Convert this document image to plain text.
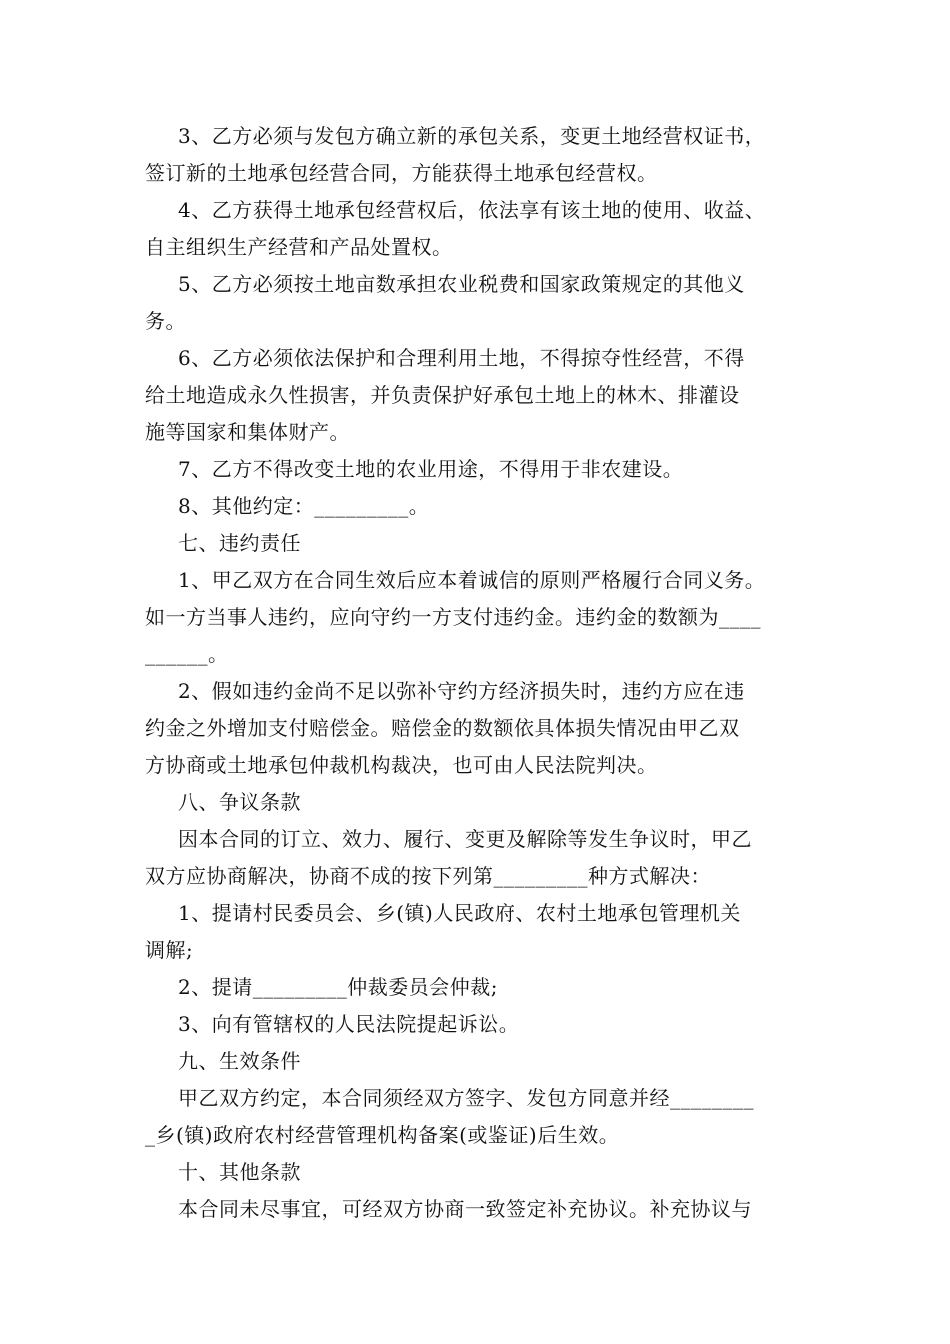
3、乙方必须与发包方确立新的承包关系，变更土地经营权证书，
签订新的土地承包经营合同，方能获得土地承包经营权。
4、乙方获得土地承包经营权后，依法享有该土地的使用、收益、
自主组织生产经营和产品处置权。
5、乙方必须按土地亩数承担农业税费和国家政策规定的其他义
务。
6、乙方必须依法保护和合理利用土地，不得掠夺性经营，不得
给土地造成永久性损害，并负责保护好承包土地上的林木、排灌设
施等国家和集体财产。
7、乙方不得改变土地的农业用途，不得用于非农建设。
8、其他约定：_________。
七、违约责任
1、甲乙双方在合同生效后应本着诚信的原则严格履行合同义务。
如一方当事人违约，应向守约一方支付违约金。违约金的数额为____
______。
2、假如违约金尚不足以弥补守约方经济损失时，违约方应在违
约金之外增加支付赔偿金。赔偿金的数额依具体损失情况由甲乙双
方协商或土地承包仲裁机构裁决，也可由人民法院判决。
八、争议条款
因本合同的订立、效力、履行、变更及解除等发生争议时，甲乙
双方应协商解决，协商不成的按下列第_________种方式解决：
1、提请村民委员会、乡(镇)人民政府、农村土地承包管理机关
调解;
2、提请_________仲裁委员会仲裁;
3、向有管辖权的人民法院提起诉讼。
九、生效条件
甲乙双方约定，本合同须经双方签字、发包方同意并经________
_乡(镇)政府农村经营管理机构备案(或鉴证)后生效。
十、其他条款
本合同未尽事宜，可经双方协商一致签定补充协议。补充协议与
